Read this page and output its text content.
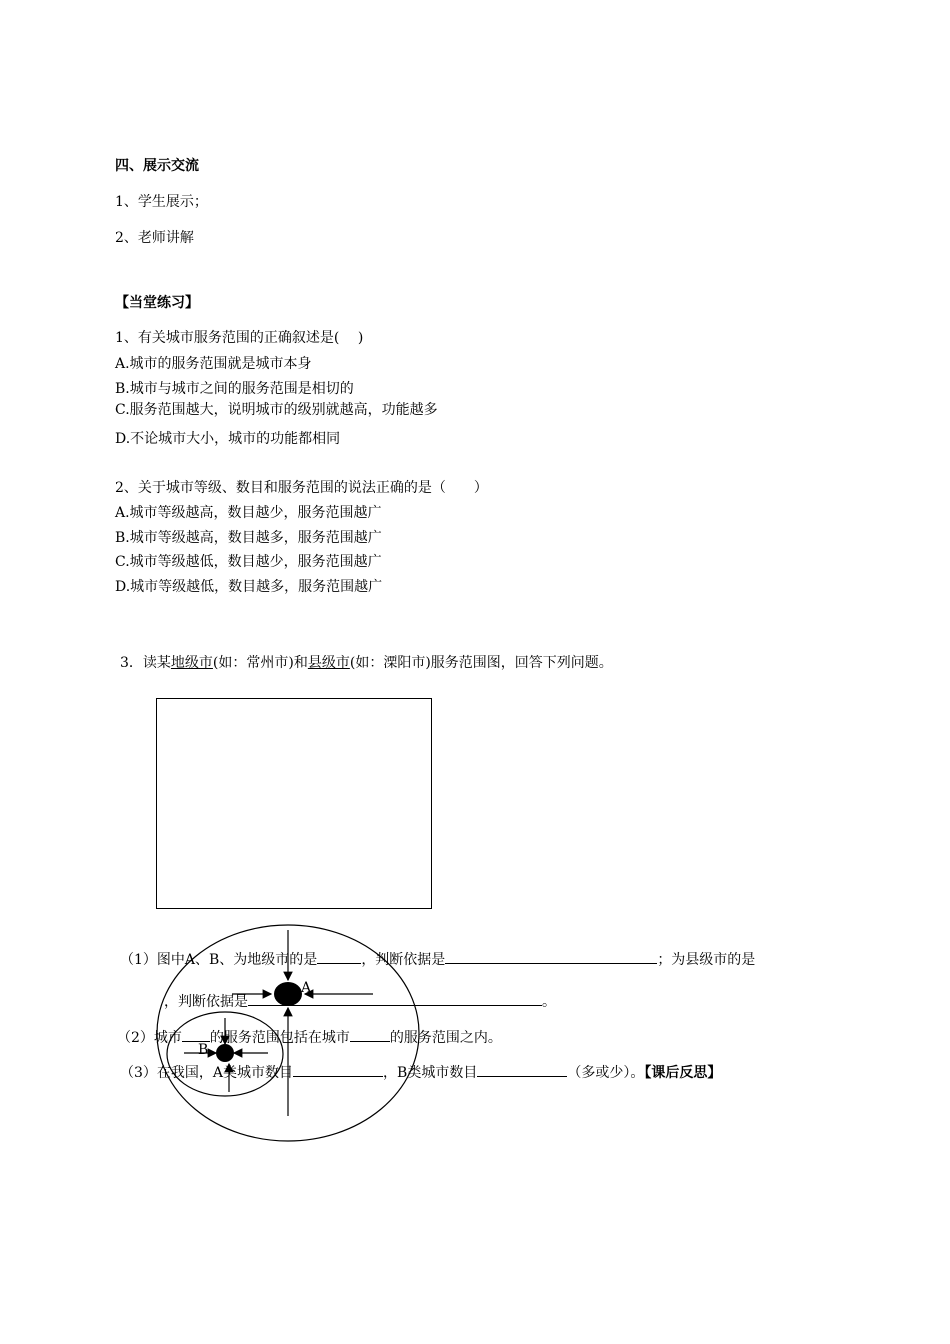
四、展示交流
1、学生展示；
2、老师讲解
【当堂练习】
1、有关城市服务范围的正确叙述是(　 )
A.城市的服务范围就是城市本身
B.城市与城市之间的服务范围是相切的
C.服务范围越大，说明城市的级别就越高，功能越多
D.不论城市大小，城市的功能都相同
2、关于城市等级、数目和服务范围的说法正确的是（　　）
A.城市等级越高，数目越少，服务范围越广
B.城市等级越高，数目越多，服务范围越广
C.城市等级越低，数目越少，服务范围越广
D.城市等级越低，数目越多，服务范围越广
3．读某地级市(如：常州市)和县级市(如：溧阳市)服务范围图，回答下列问题。
A
B
（1）图中A、B、为地级市的是	，判断依据是	；为县级市的是
，判断依据是	。
（2）城市 的服务范围包括在城市	的服务范围之内。
（3）在我国，A类城市数目	，B类城市数目	（多或少）。【课后反思】
